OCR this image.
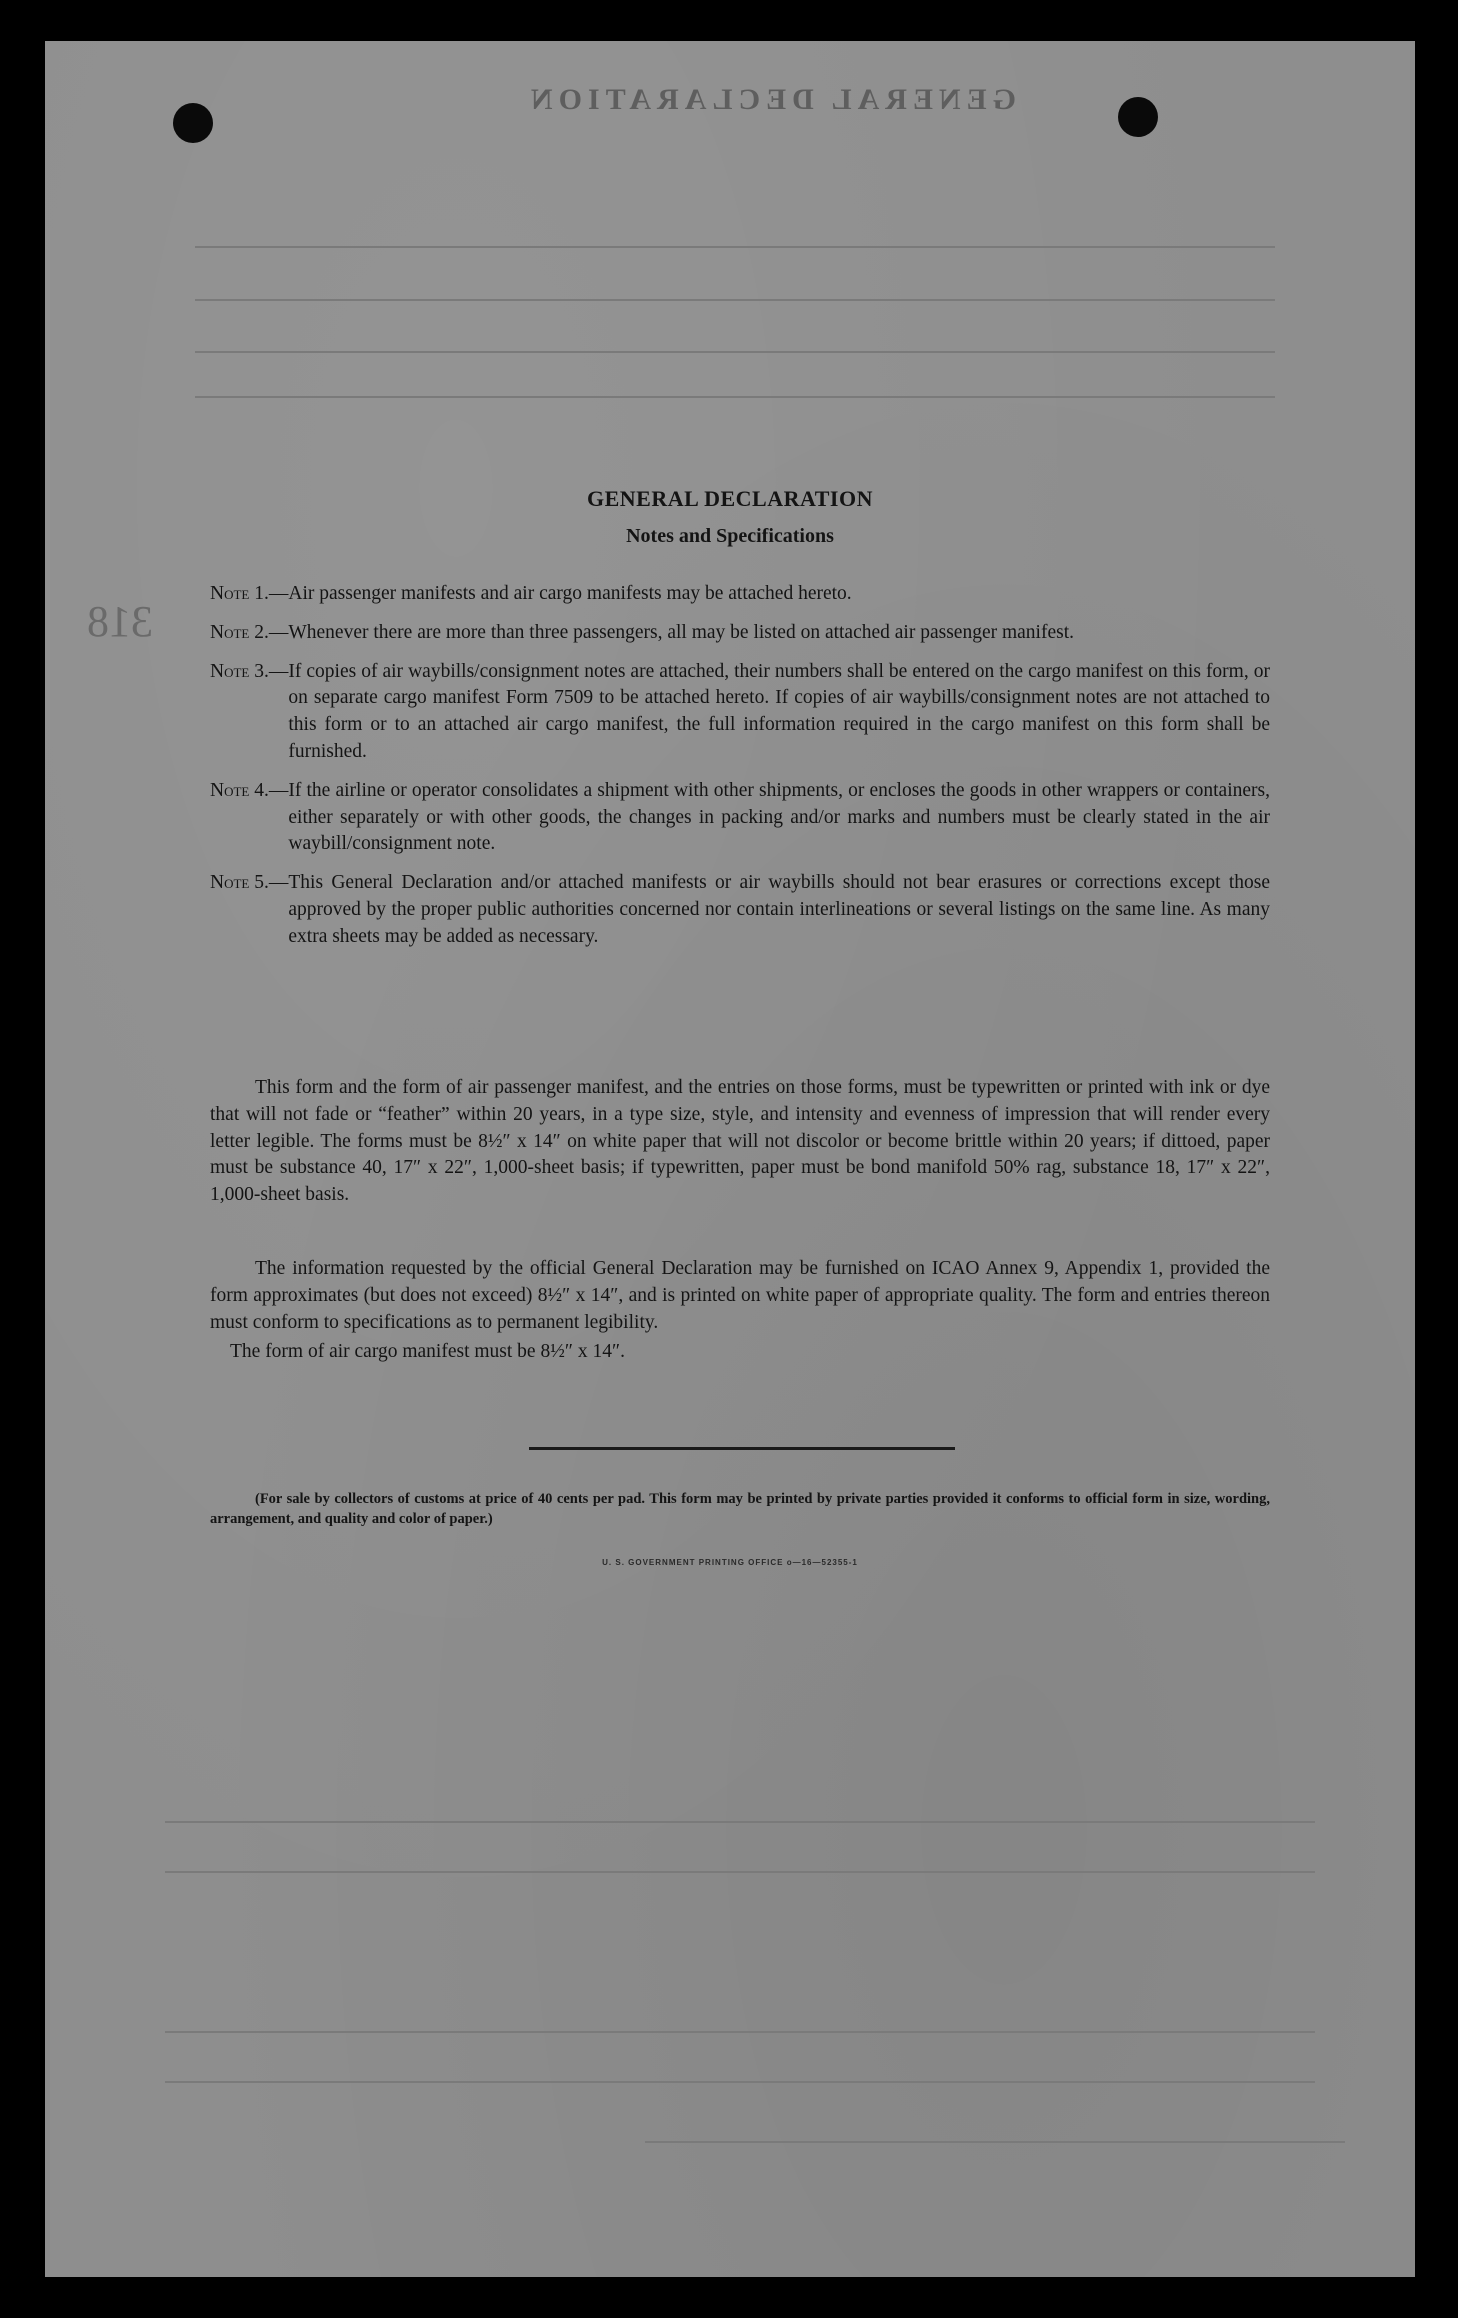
GENERAL DECLARATION
318
GENERAL DECLARATION
Notes and Specifications
Note 1.— Air passenger manifests and air cargo manifests may be attached hereto.
Note 2.— Whenever there are more than three passengers, all may be listed on attached air passenger manifest.
Note 3.— If copies of air waybills/consignment notes are attached, their numbers shall be entered on the cargo manifest on this form, or on separate cargo manifest Form 7509 to be attached hereto. If copies of air waybills/consignment notes are not attached to this form or to an attached air cargo manifest, the full information required in the cargo manifest on this form shall be furnished.
Note 4.— If the airline or operator consolidates a shipment with other shipments, or encloses the goods in other wrappers or containers, either separately or with other goods, the changes in packing and/or marks and numbers must be clearly stated in the air waybill/consignment note.
Note 5.— This General Declaration and/or attached manifests or air waybills should not bear erasures or corrections except those approved by the proper public authorities concerned nor contain interlineations or several listings on the same line. As many extra sheets may be added as necessary.

This form and the form of air passenger manifest, and the entries on those forms, must be typewritten or printed with ink or dye that will not fade or “feather” within 20 years, in a type size, style, and intensity and evenness of impression that will render every letter legible. The forms must be 8½″ x 14″ on white paper that will not discolor or become brittle within 20 years; if dittoed, paper must be substance 40, 17″ x 22″, 1,000-sheet basis; if typewritten, paper must be bond manifold 50% rag, substance 18, 17″ x 22″, 1,000-sheet basis.

The information requested by the official General Declaration may be furnished on ICAO Annex 9, Appendix 1, provided the form approximates (but does not exceed) 8½″ x 14″, and is printed on white paper of appropriate quality. The form and entries thereon must conform to specifications as to permanent legibility.

The form of air cargo manifest must be 8½″ x 14″.

(For sale by collectors of customs at price of 40 cents per pad. This form may be printed by private parties provided it conforms to official form in size, wording, arrangement, and quality and color of paper.)
U. S. GOVERNMENT PRINTING OFFICE o—16—52355-1
